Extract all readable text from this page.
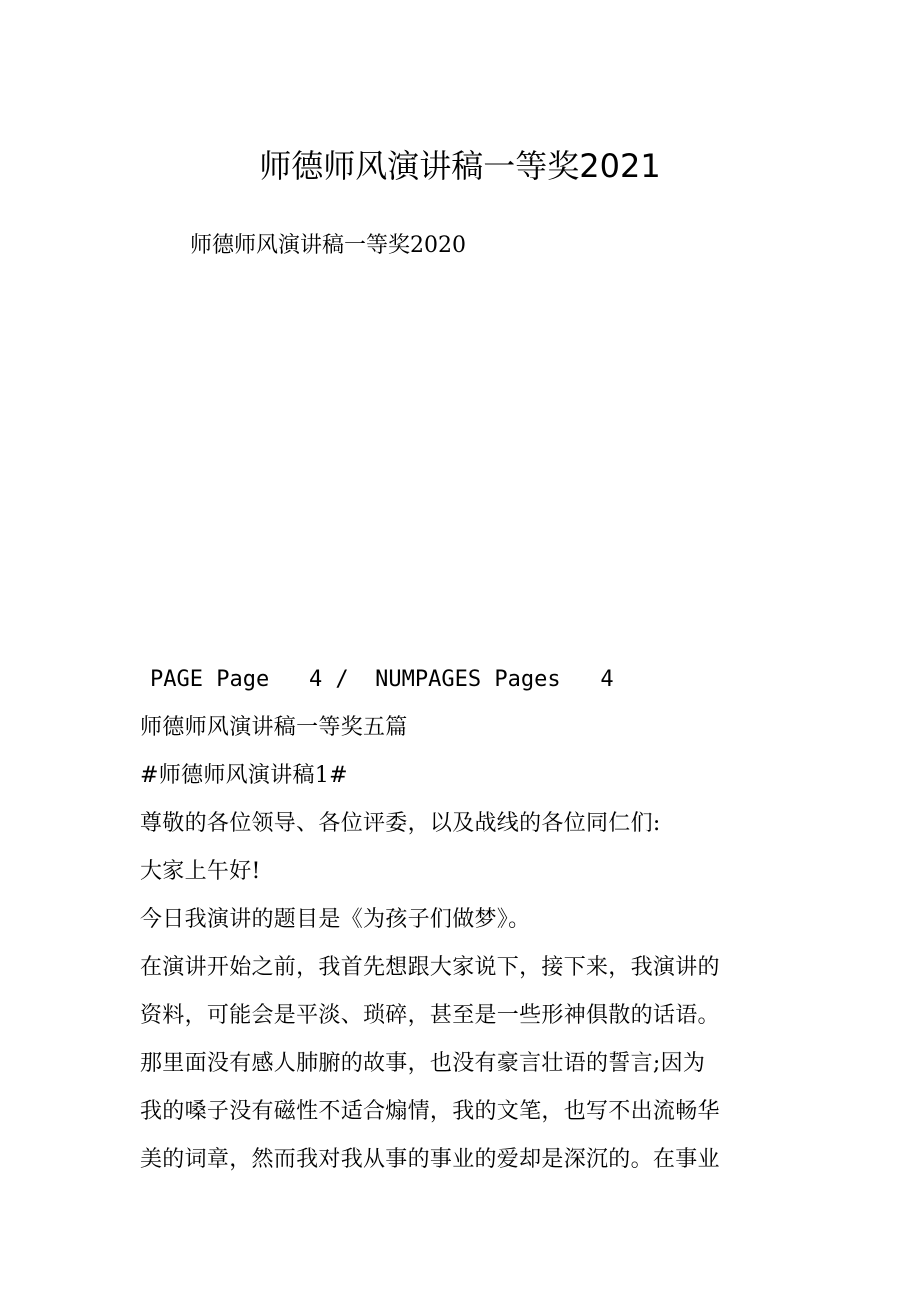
师德师风演讲稿一等奖2021
师德师风演讲稿一等奖2020
PAGE Page   4 /  NUMPAGES Pages   4
师德师风演讲稿一等奖五篇
#师德师风演讲稿1#
尊敬的各位领导、各位评委，以及战线的各位同仁们:
大家上午好!
今日我演讲的题目是《为孩子们做梦》。
在演讲开始之前，我首先想跟大家说下，接下来，我演讲的
资料，可能会是平淡、琐碎，甚至是一些形神俱散的话语。
那里面没有感人肺腑的故事，也没有豪言壮语的誓言;因为
我的嗓子没有磁性不适合煽情，我的文笔，也写不出流畅华
美的词章，然而我对我从事的事业的爱却是深沉的。在事业
